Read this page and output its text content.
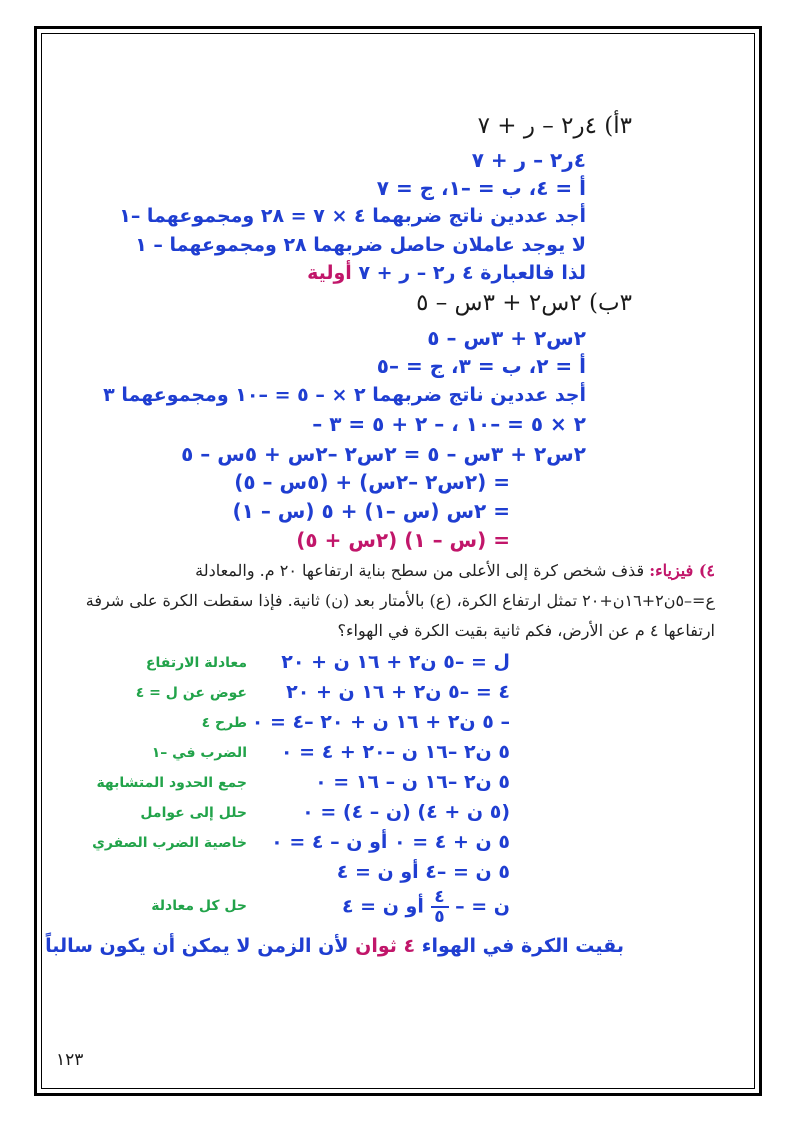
٣أ) ٤ر٢ – ر + ٧
٤ر٢ – ر + ٧
أ = ٤، ب = –١، ج = ٧
أجد عددين ناتج ضربهما ٤ × ٧ = ٢٨ ومجموعهما –١
لا يوجد عاملان حاصل ضربهما ٢٨ ومجموعهما – ١
لذا فالعبارة ٤ ر٢ – ر + ٧ أولية
٣ب) ٢س٢ + ٣س – ٥
٢س٢ + ٣س – ٥
أ = ٢، ب = ٣، ج = –٥
أجد عددين ناتج ضربهما ٢ × – ٥ = –١٠ ومجموعهما ٣
– ٢ × ٥ = –١٠ ، – ٢ + ٥ = ٣
٢س٢ + ٣س – ٥ = ٢س٢ –٢س + ٥س – ٥
= (٢س٢ –٢س) + (٥س – ٥)
= ٢س (س –١) + ٥ (س – ١)
= (س – ١) (٢س + ٥)
٤) فيزياء: قذف شخص كرة إلى الأعلى من سطح بناية ارتفاعها ٢٠ م. والمعادلة
ع=–٥ن٢+١٦ن+٢٠ تمثل ارتفاع الكرة، (ع) بالأمتار بعد (ن) ثانية. فإذا سقطت الكرة على شرفة
ارتفاعها ٤ م عن الأرض، فكم ثانية بقيت الكرة في الهواء؟
ل = –٥ ن٢ + ١٦ ن + ٢٠
٤ = –٥ ن٢ + ١٦ ن + ٢٠
– ٥ ن٢ + ١٦ ن + ٢٠ –٤ = ٠
٥ ن٢ –١٦ ن –٢٠ + ٤ = ٠
٥ ن٢ –١٦ ن – ١٦ = ٠
(٥ ن + ٤) (ن – ٤) = ٠
٥ ن + ٤ = ٠ أو ن – ٤ = ٠
٥ ن = –٤ أو ن = ٤
ن = – $\frac{٤}{٥}$ أو ن = ٤
معادلة الارتفاع
عوض عن ل = ٤
طرح ٤
الضرب في –١
جمع الحدود المتشابهة
حلل إلى عوامل
خاصية الضرب الصفري
حل كل معادلة
بقيت الكرة في الهواء ٤ ثوان لأن الزمن لا يمكن أن يكون سالباً
١٢٣
